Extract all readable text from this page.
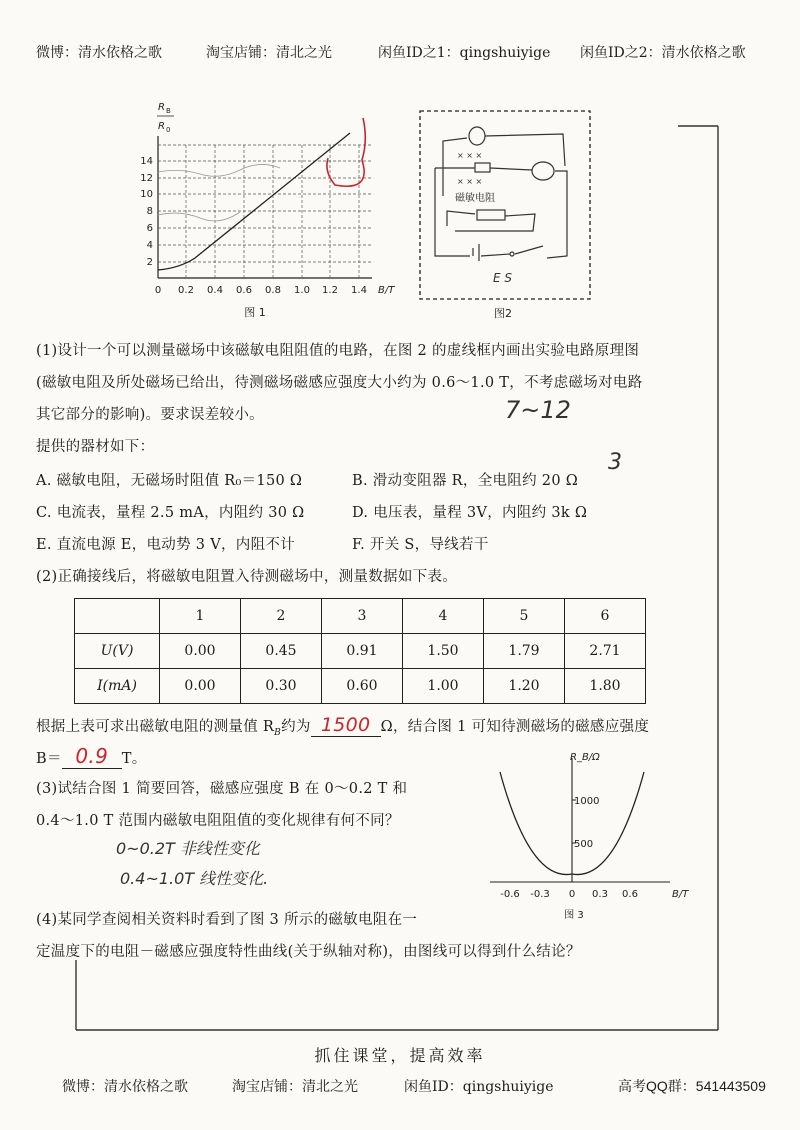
微博：清水依格之歌	淘宝店铺：清北之光	闲鱼ID之1：qingshuiyige 闲鱼ID之2：清水依格之歌
R B
R 0
2
4
6
8
10
12
14
0 0.2 0.4 0.6 0.8 1.0 1.2 1.4 B/T
图 1
× × ×
× × ×
磁敏电阻
E S
图2
(1)设计一个可以测量磁场中该磁敏电阻阻值的电路，在图 2 的虚线框内画出实验电路原理图
(磁敏电阻及所处磁场已给出，待测磁场磁感应强度大小约为 0.6～1.0 T，不考虑磁场对电路
其它部分的影响)。要求误差较小。	7~12
提供的器材如下：
3
A. 磁敏电阻，无磁场时阻值 R₀＝150 Ω	B. 滑动变阻器 R，全电阻约 20 Ω
C. 电流表，量程 2.5 mA，内阻约 30 Ω	D. 电压表，量程 3V，内阻约 3k Ω
E. 直流电源 E，电动势 3 V，内阻不计	F. 开关 S，导线若干
(2)正确接线后，将磁敏电阻置入待测磁场中，测量数据如下表。
	1	2	3	4	5	6
U(V)	0.00	0.45	0.91	1.50	1.79	2.71
I(mA)	0.00	0.30	0.60	1.00	1.20	1.80
根据上表可求出磁敏电阻的测量值 $R_B$约为 1500 Ω，结合图 1 可知待测磁场的磁感应强度
B＝ 0.9 T。
(3)试结合图 1 简要回答，磁感应强度 B 在 0～0.2 T 和
0.4～1.0 T 范围内磁敏电阻阻值的变化规律有何不同？
0~0.2T 非线性变化
0.4~1.0T 线性变化.
R_B/Ω
1000
500
-0.6 -0.3 0 0.3 0.6	B/T
图 3
(4)某同学查阅相关资料时看到了图 3 所示的磁敏电阻在一
定温度下的电阻－磁感应强度特性曲线(关于纵轴对称)，由图线可以得到什么结论？
抓住课堂，提高效率
微博：清水依格之歌	淘宝店铺：清北之光	闲鱼ID：qingshuiyige	高考QQ群：541443509
